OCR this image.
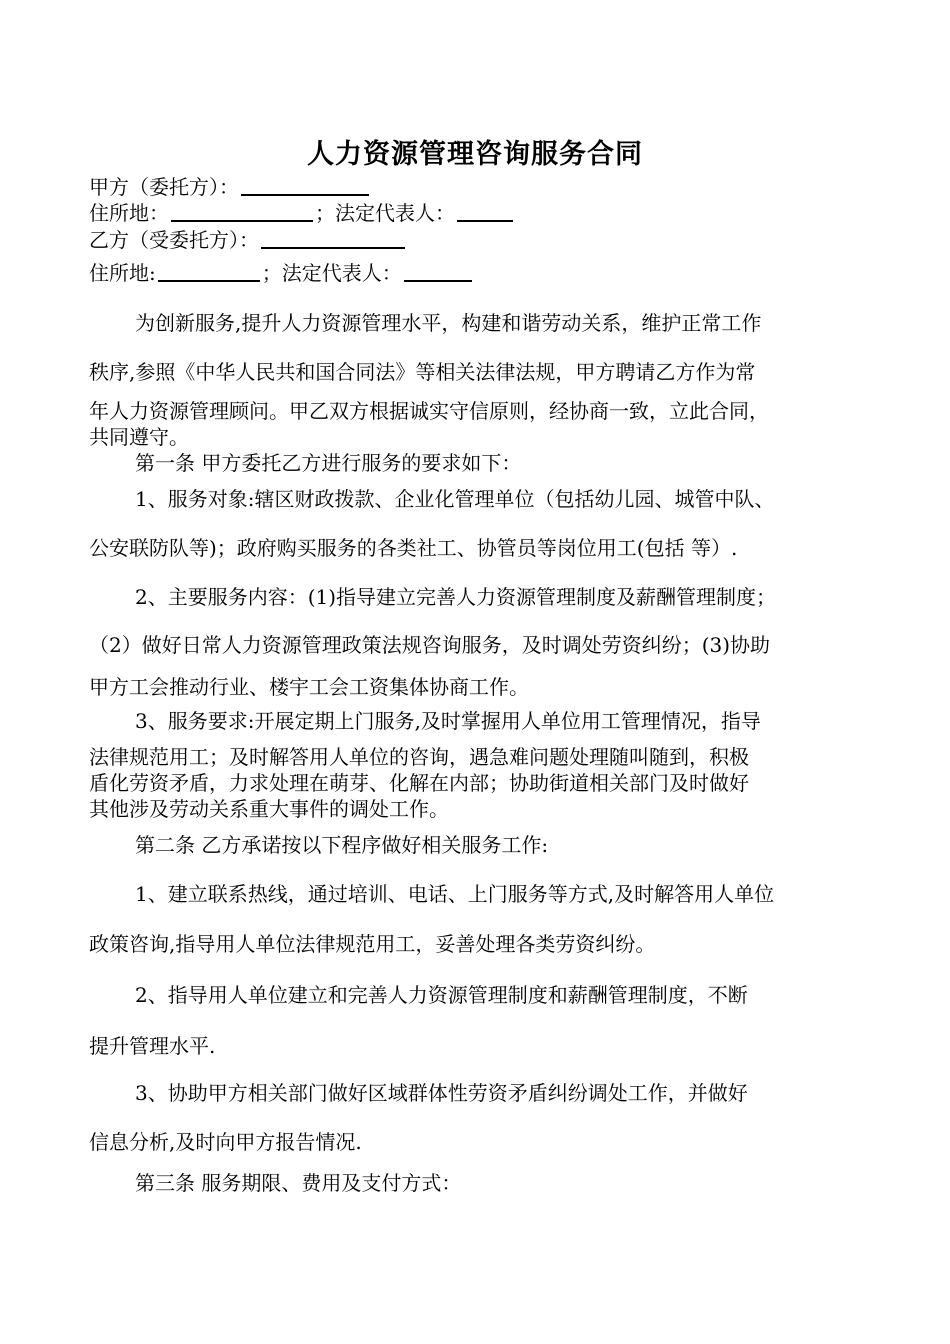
人力资源管理咨询服务合同
甲方（委托方）：
住所地：	；法定代表人：
乙方（受委托方）：
住所地:	；法定代表人：
为创新服务,提升人力资源管理水平，构建和谐劳动关系，维护正常工作
秩序,参照《中华人民共和国合同法》等相关法律法规，甲方聘请乙方作为常
年人力资源管理顾问。甲乙双方根据诚实守信原则，经协商一致，立此合同，
共同遵守。
第一条 甲方委托乙方进行服务的要求如下：
1、服务对象:辖区财政拨款、企业化管理单位（包括幼儿园、城管中队、
公安联防队等)；政府购买服务的各类社工、协管员等岗位用工(包括 等）.
2、主要服务内容：(1)指导建立完善人力资源管理制度及薪酬管理制度；
（2）做好日常人力资源管理政策法规咨询服务，及时调处劳资纠纷；(3)协助
甲方工会推动行业、楼宇工会工资集体协商工作。
3、服务要求:开展定期上门服务,及时掌握用人单位用工管理情况，指导
法律规范用工；及时解答用人单位的咨询，遇急难问题处理随叫随到，积极
盾化劳资矛盾，力求处理在萌芽、化解在内部；协助街道相关部门及时做好
其他涉及劳动关系重大事件的调处工作。
第二条 乙方承诺按以下程序做好相关服务工作:
1、建立联系热线，通过培训、电话、上门服务等方式,及时解答用人单位
政策咨询,指导用人单位法律规范用工，妥善处理各类劳资纠纷。
2、指导用人单位建立和完善人力资源管理制度和薪酬管理制度，不断
提升管理水平.
3、协助甲方相关部门做好区域群体性劳资矛盾纠纷调处工作，并做好
信息分析,及时向甲方报告情况.
第三条 服务期限、费用及支付方式：
